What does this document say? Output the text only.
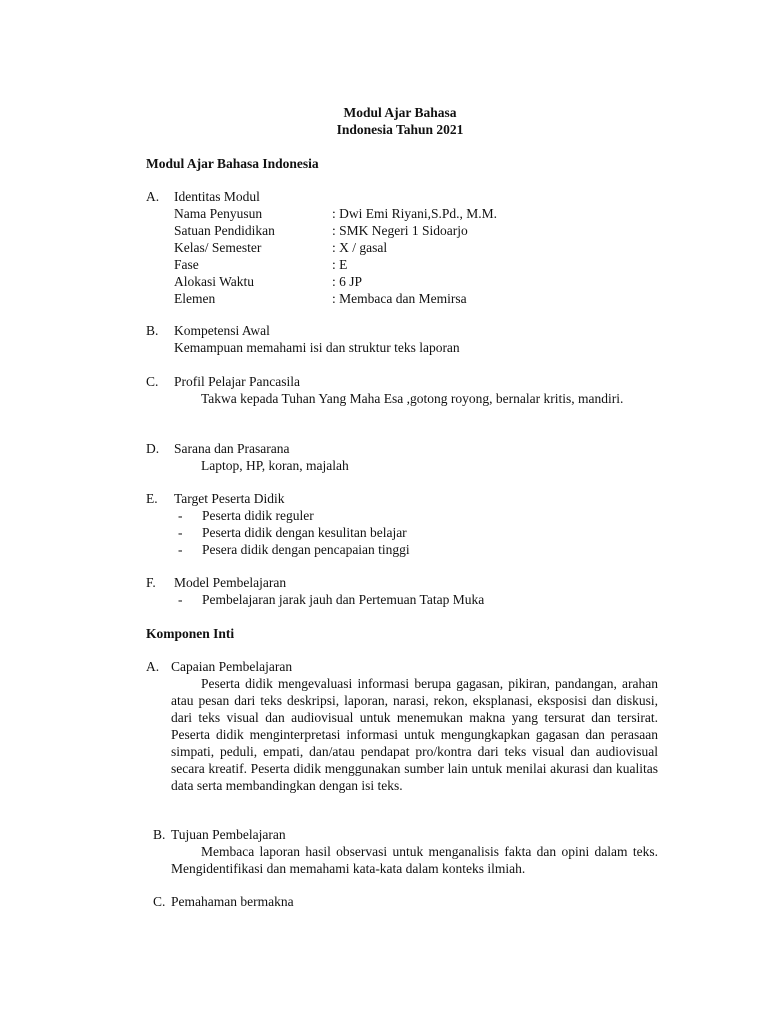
Modul Ajar Bahasa
Indonesia Tahun 2021
Modul Ajar Bahasa Indonesia
A. Identitas Modul
Nama Penyusun	: Dwi Emi Riyani,S.Pd., M.M.
Satuan Pendidikan	: SMK Negeri 1 Sidoarjo
Kelas/ Semester	: X / gasal
Fase	: E
Alokasi Waktu	: 6 JP
Elemen	: Membaca dan Memirsa
B. Kompetensi Awal
Kemampuan memahami isi dan struktur teks laporan
C. Profil Pelajar Pancasila
Takwa kepada Tuhan Yang Maha Esa ,gotong royong, bernalar kritis, mandiri.
D. Sarana dan Prasarana
Laptop, HP, koran, majalah
E. Target Peserta Didik
- Peserta didik reguler
- Peserta didik dengan kesulitan belajar
- Pesera didik dengan pencapaian tinggi
F. Model Pembelajaran
- Pembelajaran jarak jauh dan Pertemuan Tatap Muka
Komponen Inti
A. Capaian Pembelajaran
Peserta didik mengevaluasi informasi berupa gagasan, pikiran, pandangan, arahan atau pesan dari teks deskripsi, laporan, narasi, rekon, eksplanasi, eksposisi dan diskusi, dari teks visual dan audiovisual untuk menemukan makna yang tersurat dan tersirat. Peserta didik menginterpretasi informasi untuk mengungkapkan gagasan dan perasaan simpati, peduli, empati, dan/atau pendapat pro/kontra dari teks visual dan audiovisual secara kreatif. Peserta didik menggunakan sumber lain untuk menilai akurasi dan kualitas data serta membandingkan dengan isi teks.
B. Tujuan Pembelajaran
Membaca laporan hasil observasi untuk menganalisis fakta dan opini dalam teks. Mengidentifikasi dan memahami kata-kata dalam konteks ilmiah.
C. Pemahaman bermakna
